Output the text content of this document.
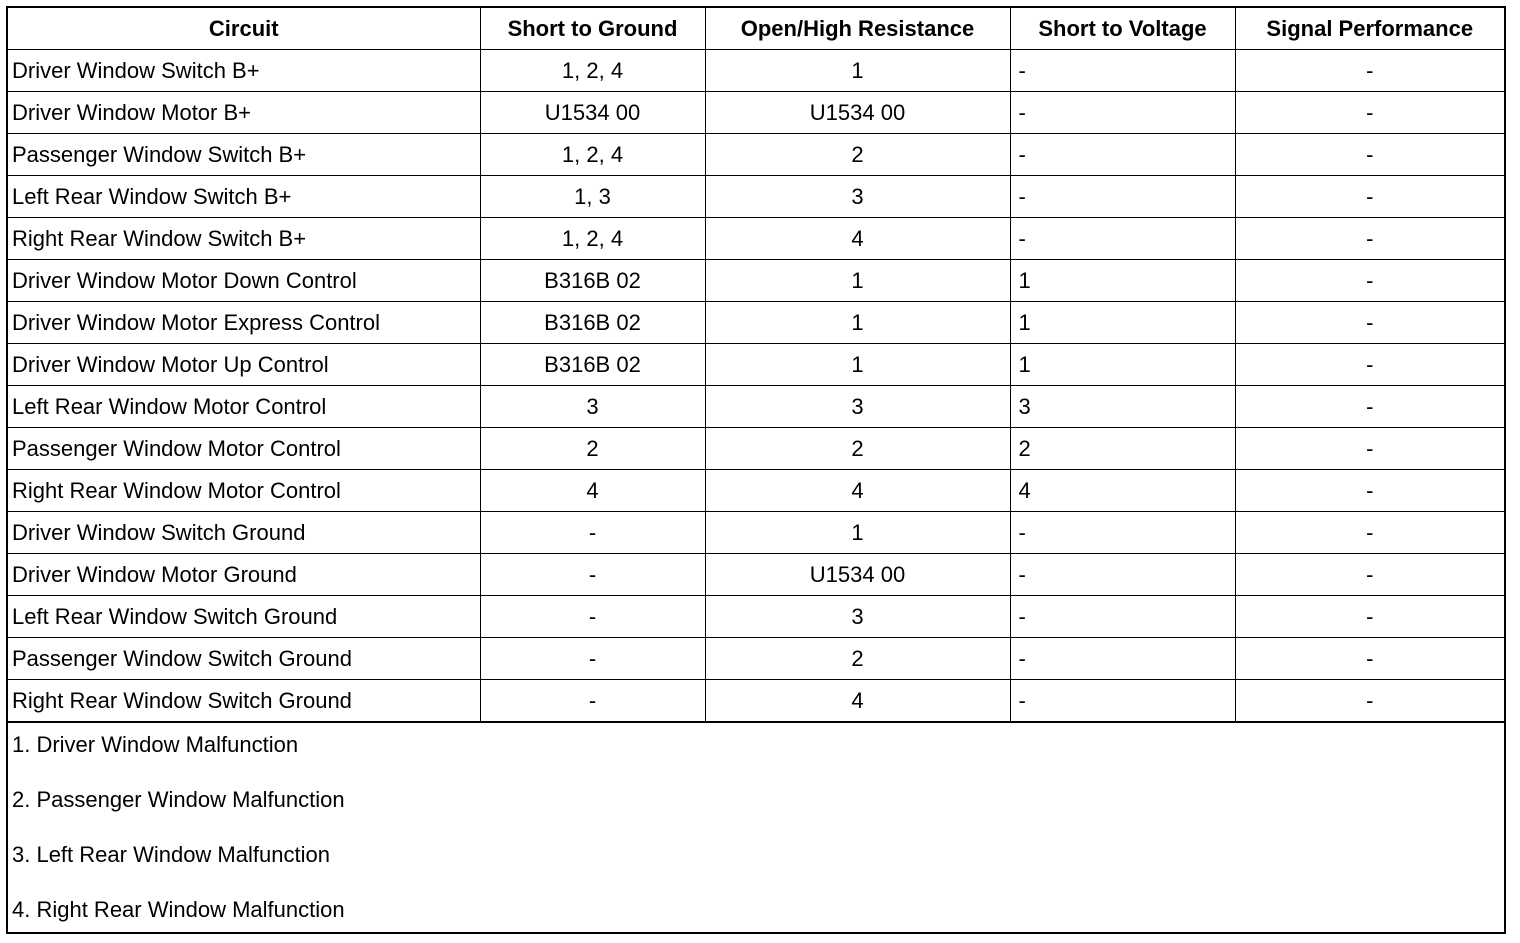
Circuit	Short to Ground	Open/High Resistance	Short to Voltage	Signal Performance
Driver Window Switch B+	1, 2, 4	1	-	-
Driver Window Motor B+	U1534 00	U1534 00	-	-
Passenger Window Switch B+	1, 2, 4	2	-	-
Left Rear Window Switch B+	1, 3	3	-	-
Right Rear Window Switch B+	1, 2, 4	4	-	-
Driver Window Motor Down Control	B316B 02	1	1	-
Driver Window Motor Express Control	B316B 02	1	1	-
Driver Window Motor Up Control	B316B 02	1	1	-
Left Rear Window Motor Control	3	3	3	-
Passenger Window Motor Control	2	2	2	-
Right Rear Window Motor Control	4	4	4	-
Driver Window Switch Ground	-	1	-	-
Driver Window Motor Ground	-	U1534 00	-	-
Left Rear Window Switch Ground	-	3	-	-
Passenger Window Switch Ground	-	2	-	-
Right Rear Window Switch Ground	-	4	-	-
1. Driver Window Malfunction
2. Passenger Window Malfunction
3. Left Rear Window Malfunction
4. Right Rear Window Malfunction
